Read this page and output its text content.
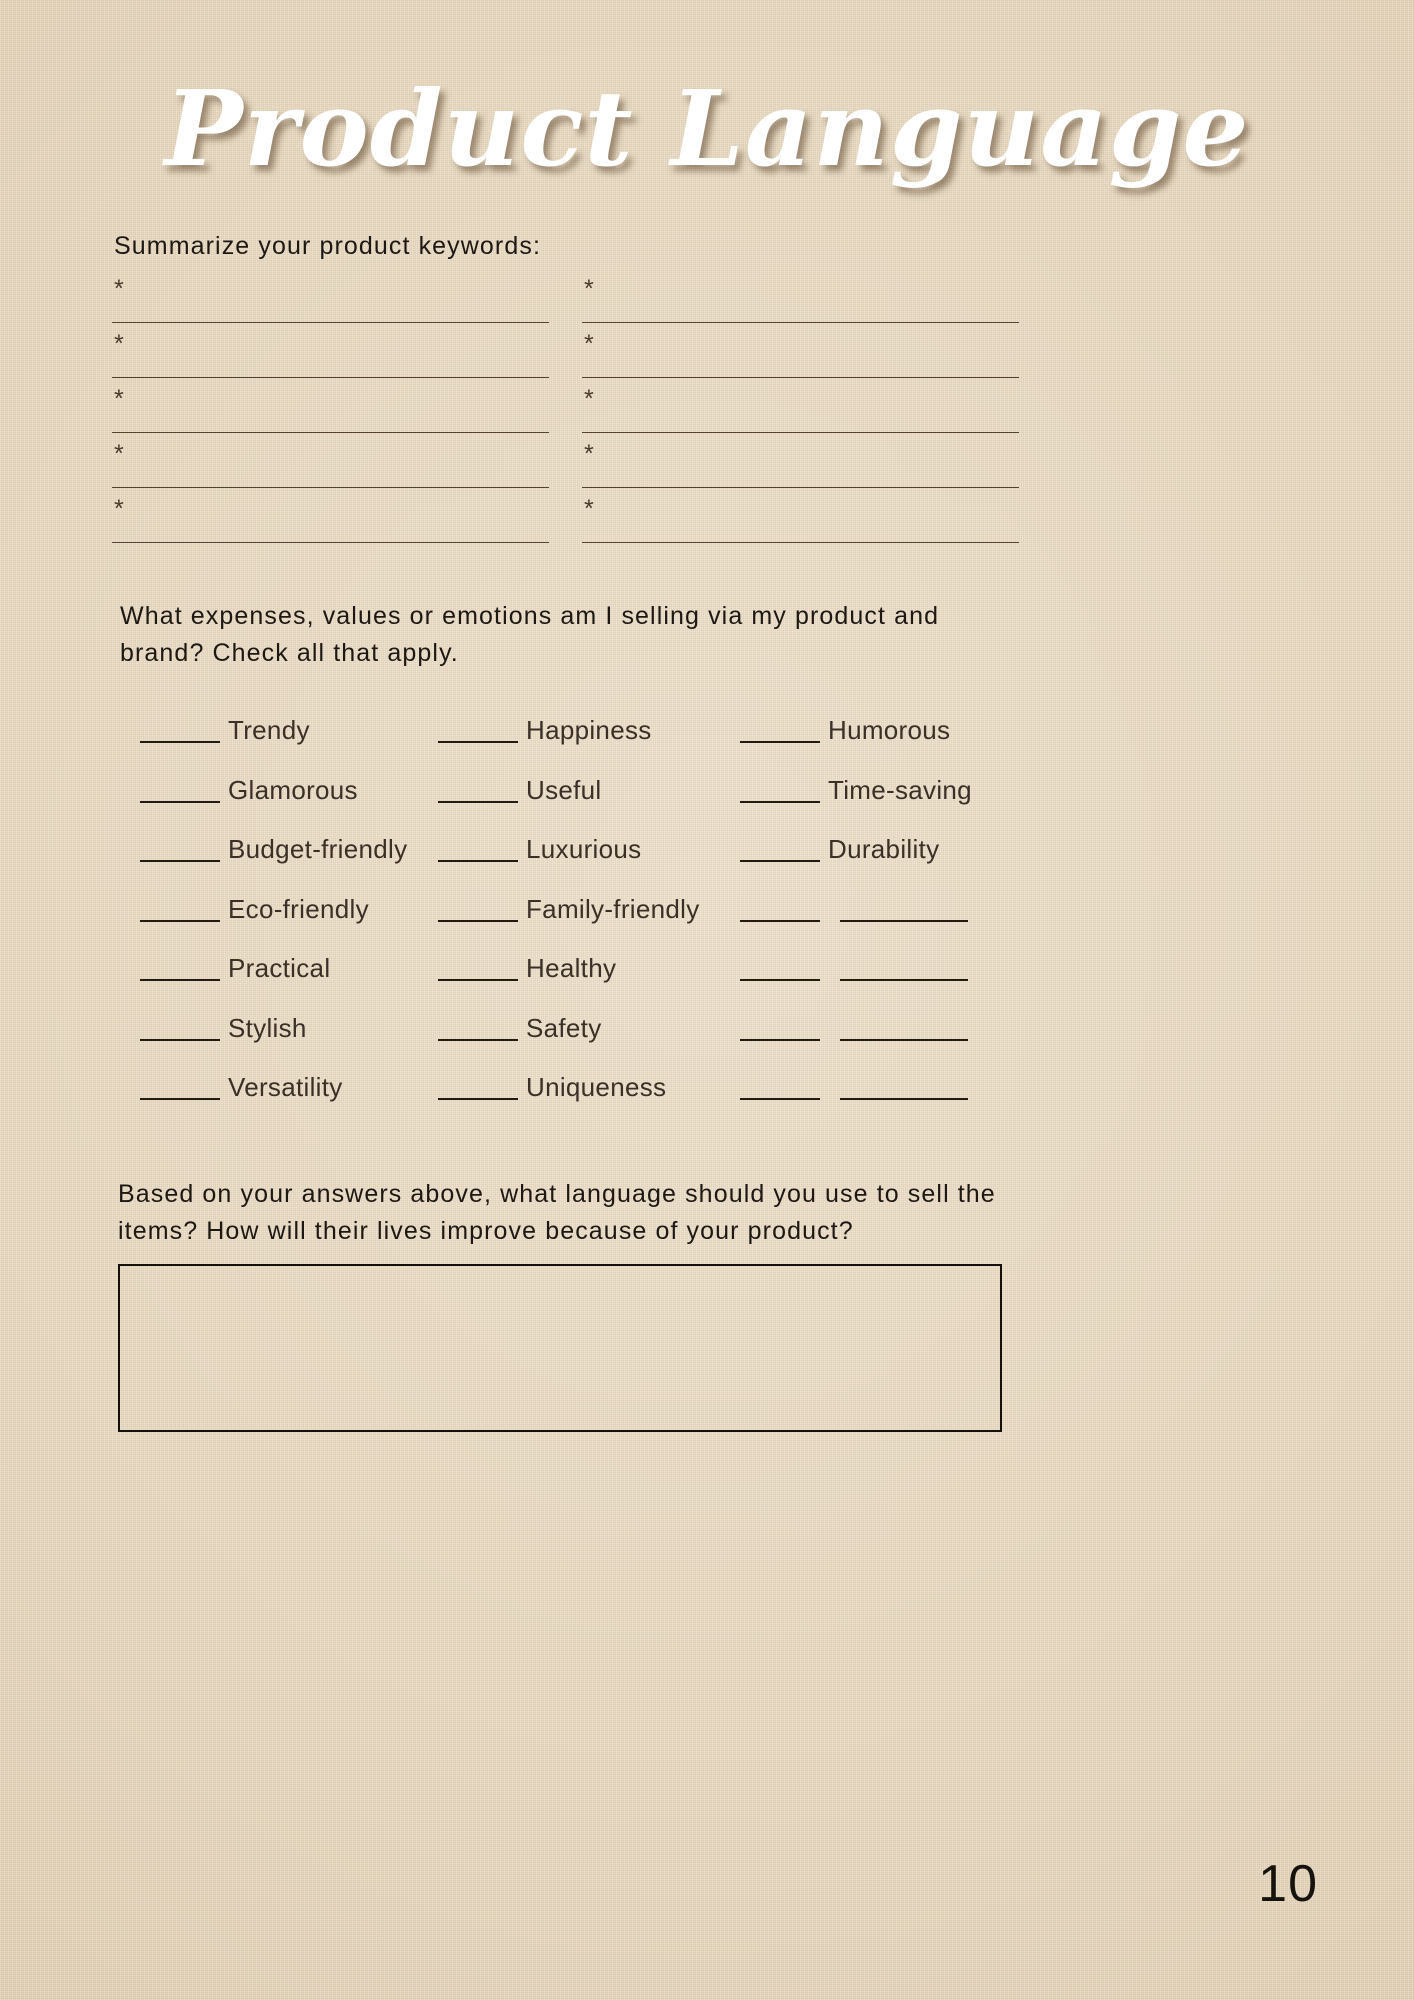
Product Language
Summarize your product keywords:
*
*
*
*
*
*
*
*
*
*
What expenses, values or emotions am I selling via my product and brand? Check all that apply.
Trendy	Happiness	Humorous
Glamorous	Useful	Time-saving
Budget-friendly	Luxurious	Durability
Eco-friendly	Family-friendly
Practical	Healthy
Stylish	Safety
Versatility	Uniqueness
Based on your answers above, what language should you use to sell the items? How will their lives improve because of your product?
10
